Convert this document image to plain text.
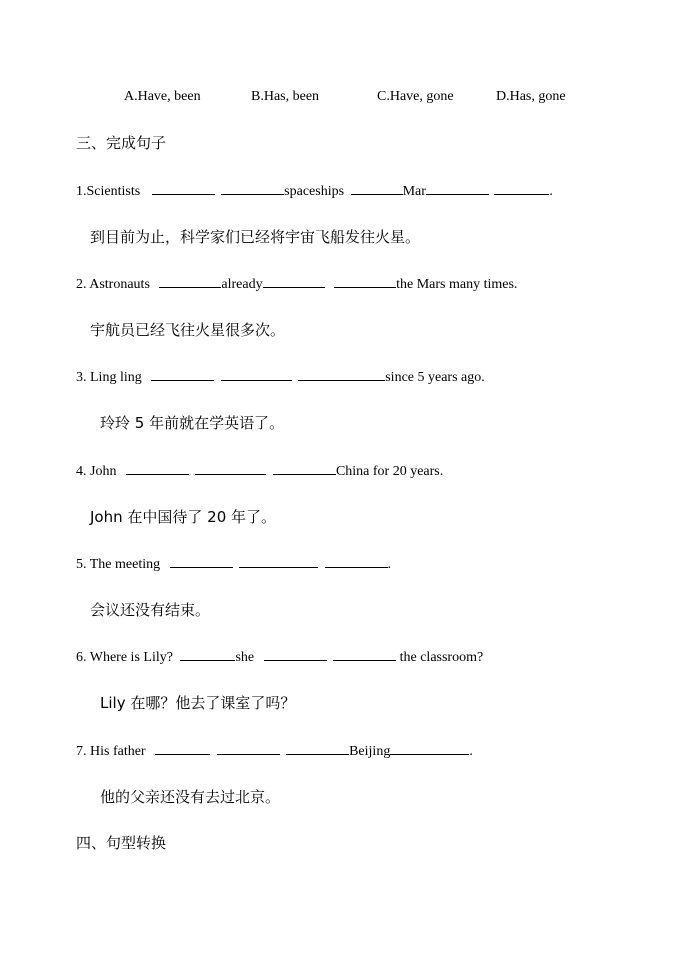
A.Have, been	B.Has, been	C.Have, gone	D.Has, gone
三、完成句子
1.Scientists	spaceships	Mar	.
到目前为止，科学家们已经将宇宙飞船发往火星。
2. Astronauts	already	the Mars many times.
宇航员已经飞往火星很多次。
3. Ling ling	since 5 years ago.
玲玲 5 年前就在学英语了。
4. John	China for 20 years.
John 在中国待了 20 年了。
5. The meeting	.
会议还没有结束。
6. Where is Lily?	she	the classroom?
Lily 在哪？他去了课室了吗？
7. His father	Beijing	.
他的父亲还没有去过北京。
四、句型转换
